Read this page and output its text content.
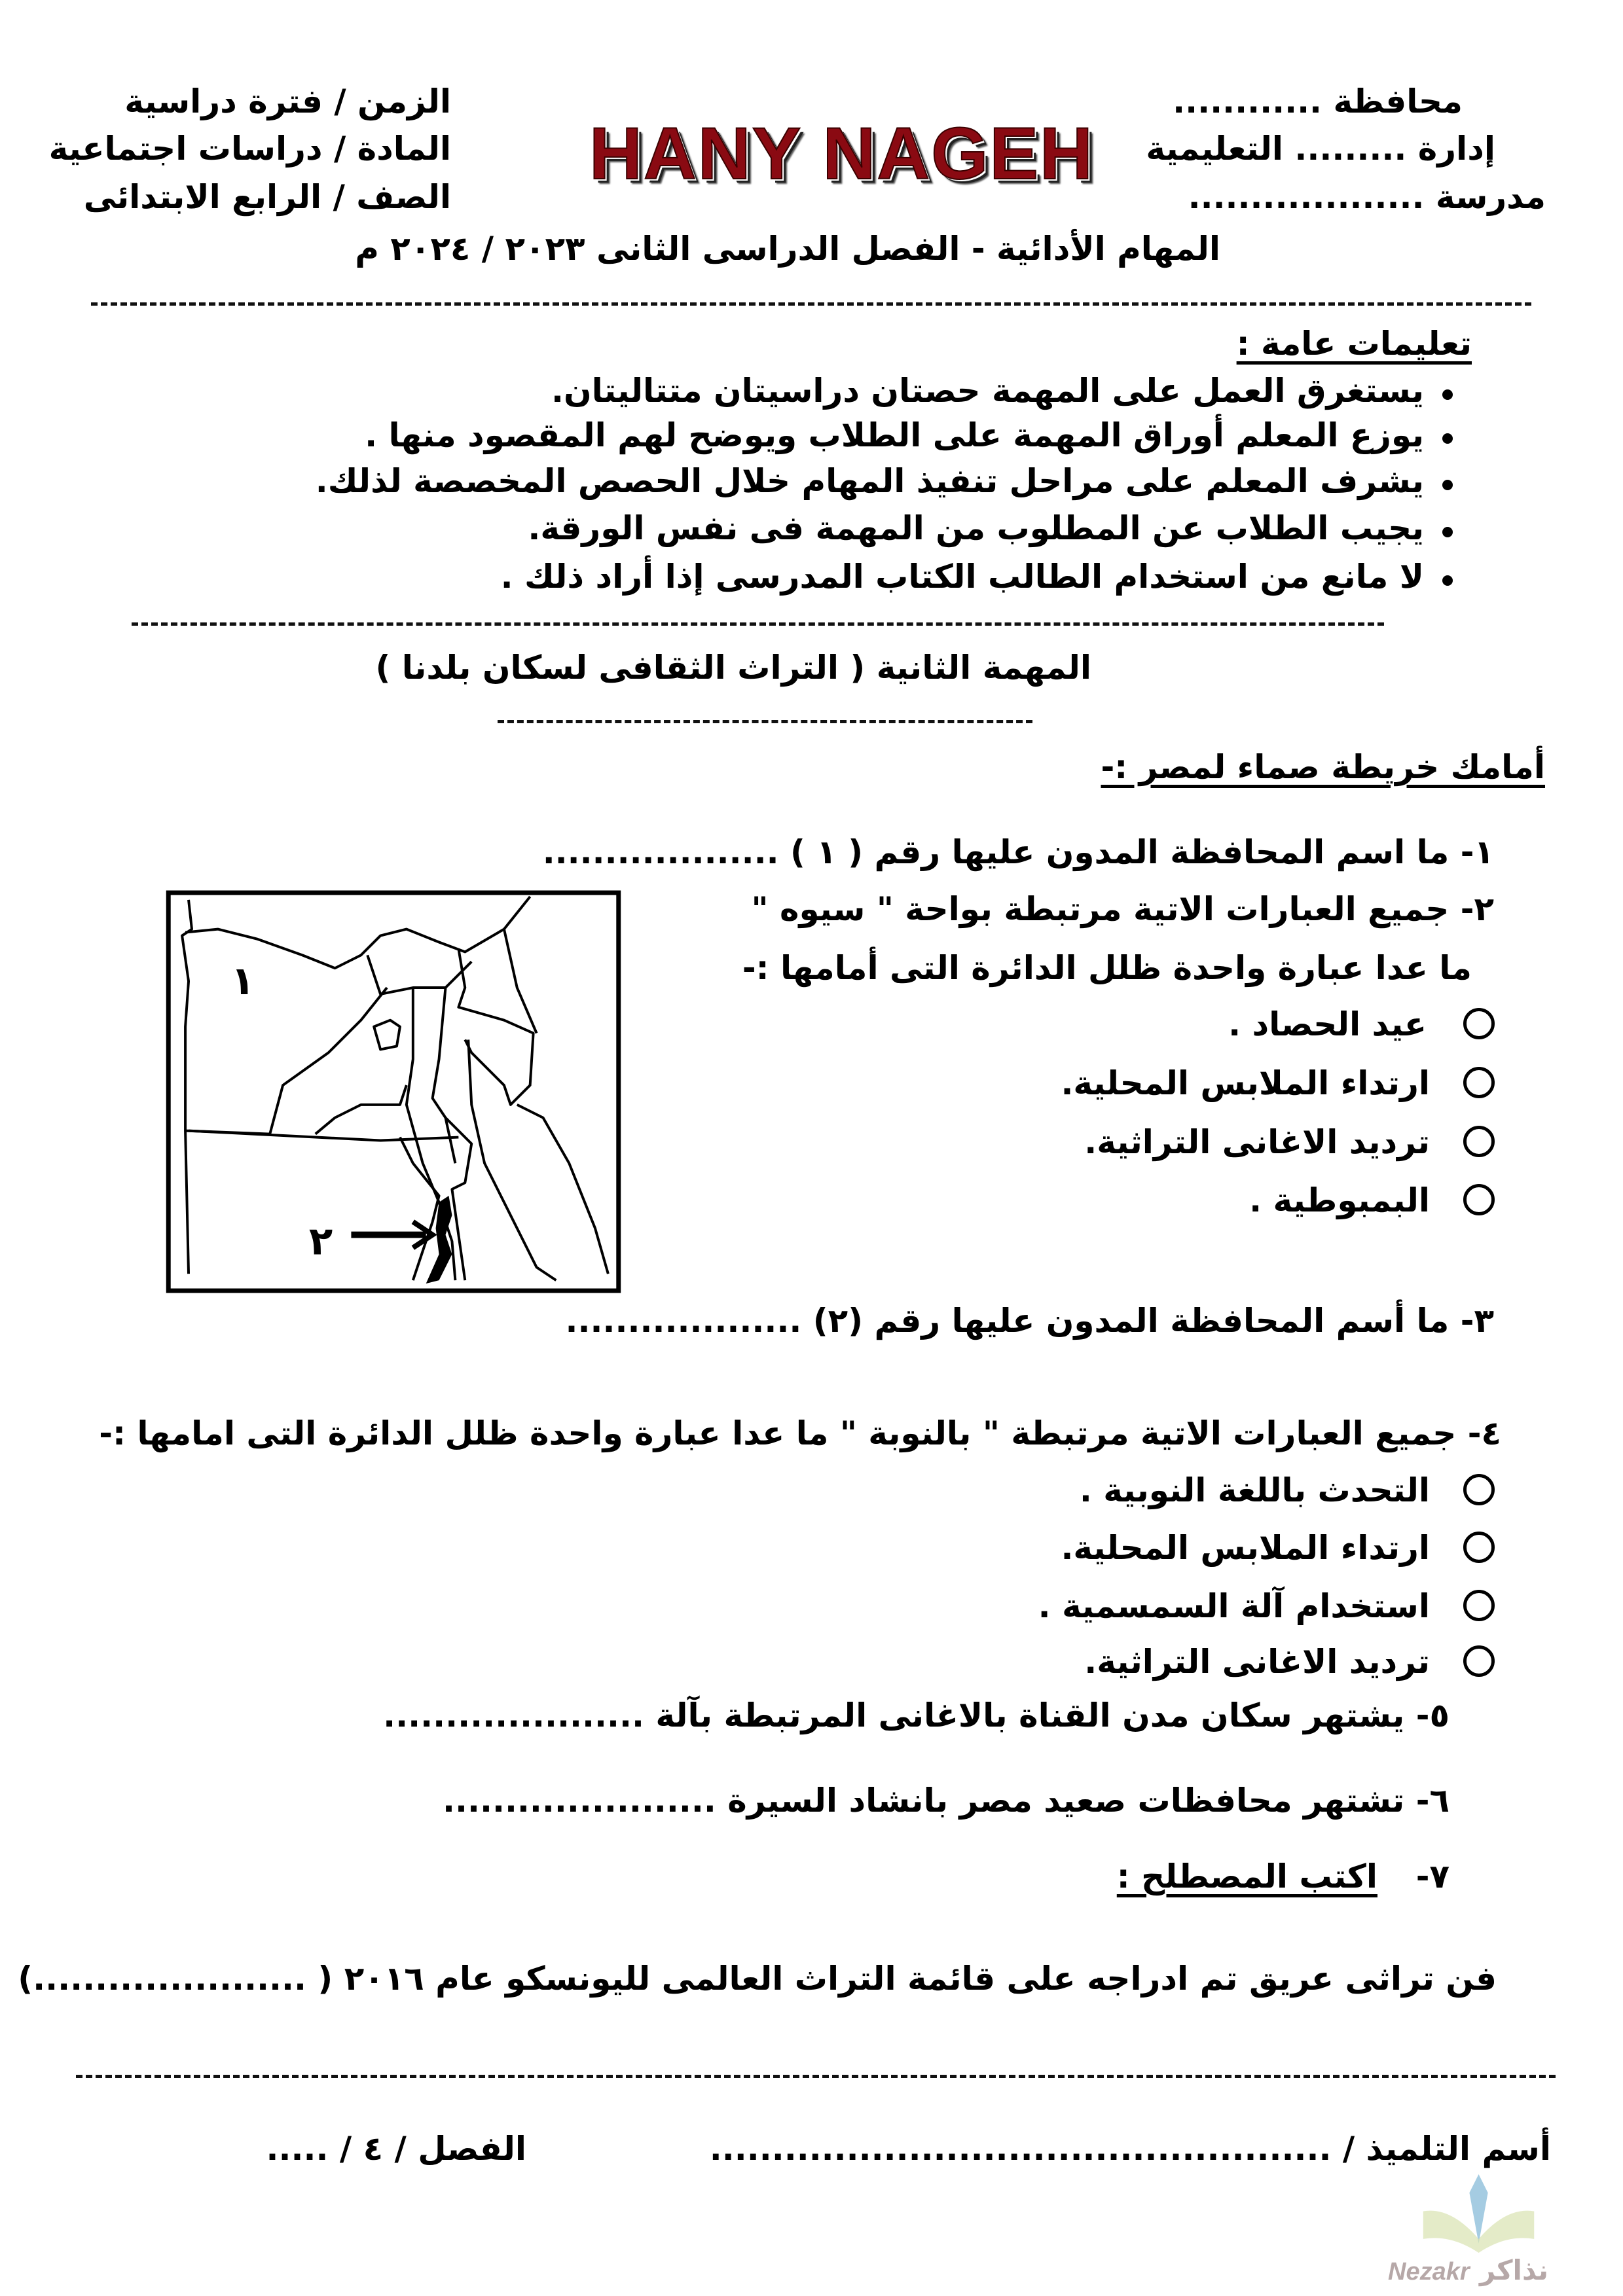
محافظة ............
إدارة ......... التعليمية
مدرسة ...................
الزمن / فترة دراسية
المادة / دراسات اجتماعية
الصف / الرابع الابتدائى
HANY NAGEH
المهام الأدائية - الفصل الدراسى الثانى ٢٠٢٣ / ٢٠٢٤ م
تعليمات عامة :
يستغرق العمل على المهمة حصتان دراسيتان متتاليتان.
يوزع المعلم أوراق المهمة على الطلاب ويوضح لهم المقصود منها .
يشرف المعلم على مراحل تنفيذ المهام خلال الحصص المخصصة لذلك.
يجيب الطلاب عن المطلوب من المهمة فى نفس الورقة.
لا مانع من استخدام الطالب الكتاب المدرسى إذا أراد ذلك .
المهمة الثانية ( التراث الثقافى لسكان بلدنا )
أمامك خريطة صماء لمصر :-
١- ما اسم المحافظة المدون عليها رقم ( ١ ) ...................
٢- جميع العبارات الاتية مرتبطة بواحة " سيوه "
ما عدا عبارة واحدة ظلل الدائرة التى أمامها :-
عيد الحصاد .
ارتداء الملابس المحلية.
ترديد الاغانى التراثية.
البمبوطية .
١
٢
٣- ما أسم المحافظة المدون عليها رقم (٢) ...................
٤- جميع العبارات الاتية مرتبطة " بالنوبة " ما عدا عبارة واحدة ظلل الدائرة التى امامها :-
التحدث باللغة النوبية .
ارتداء الملابس المحلية.
استخدام آلة السمسمية .
ترديد الاغانى التراثية.
٥- يشتهر سكان مدن القناة بالاغانى المرتبطة بآلة .....................
٦- تشتهر محافظات صعيد مصر بانشاد السيرة ......................
٧-
اكتب المصطلح :
فن تراثى عريق تم ادراجه على قائمة التراث العالمى لليونسكو عام ٢٠١٦ ( ......................)
أسم التلميذ / ..................................................
الفصل / ٤ / .....
Nezakr نذاكر
